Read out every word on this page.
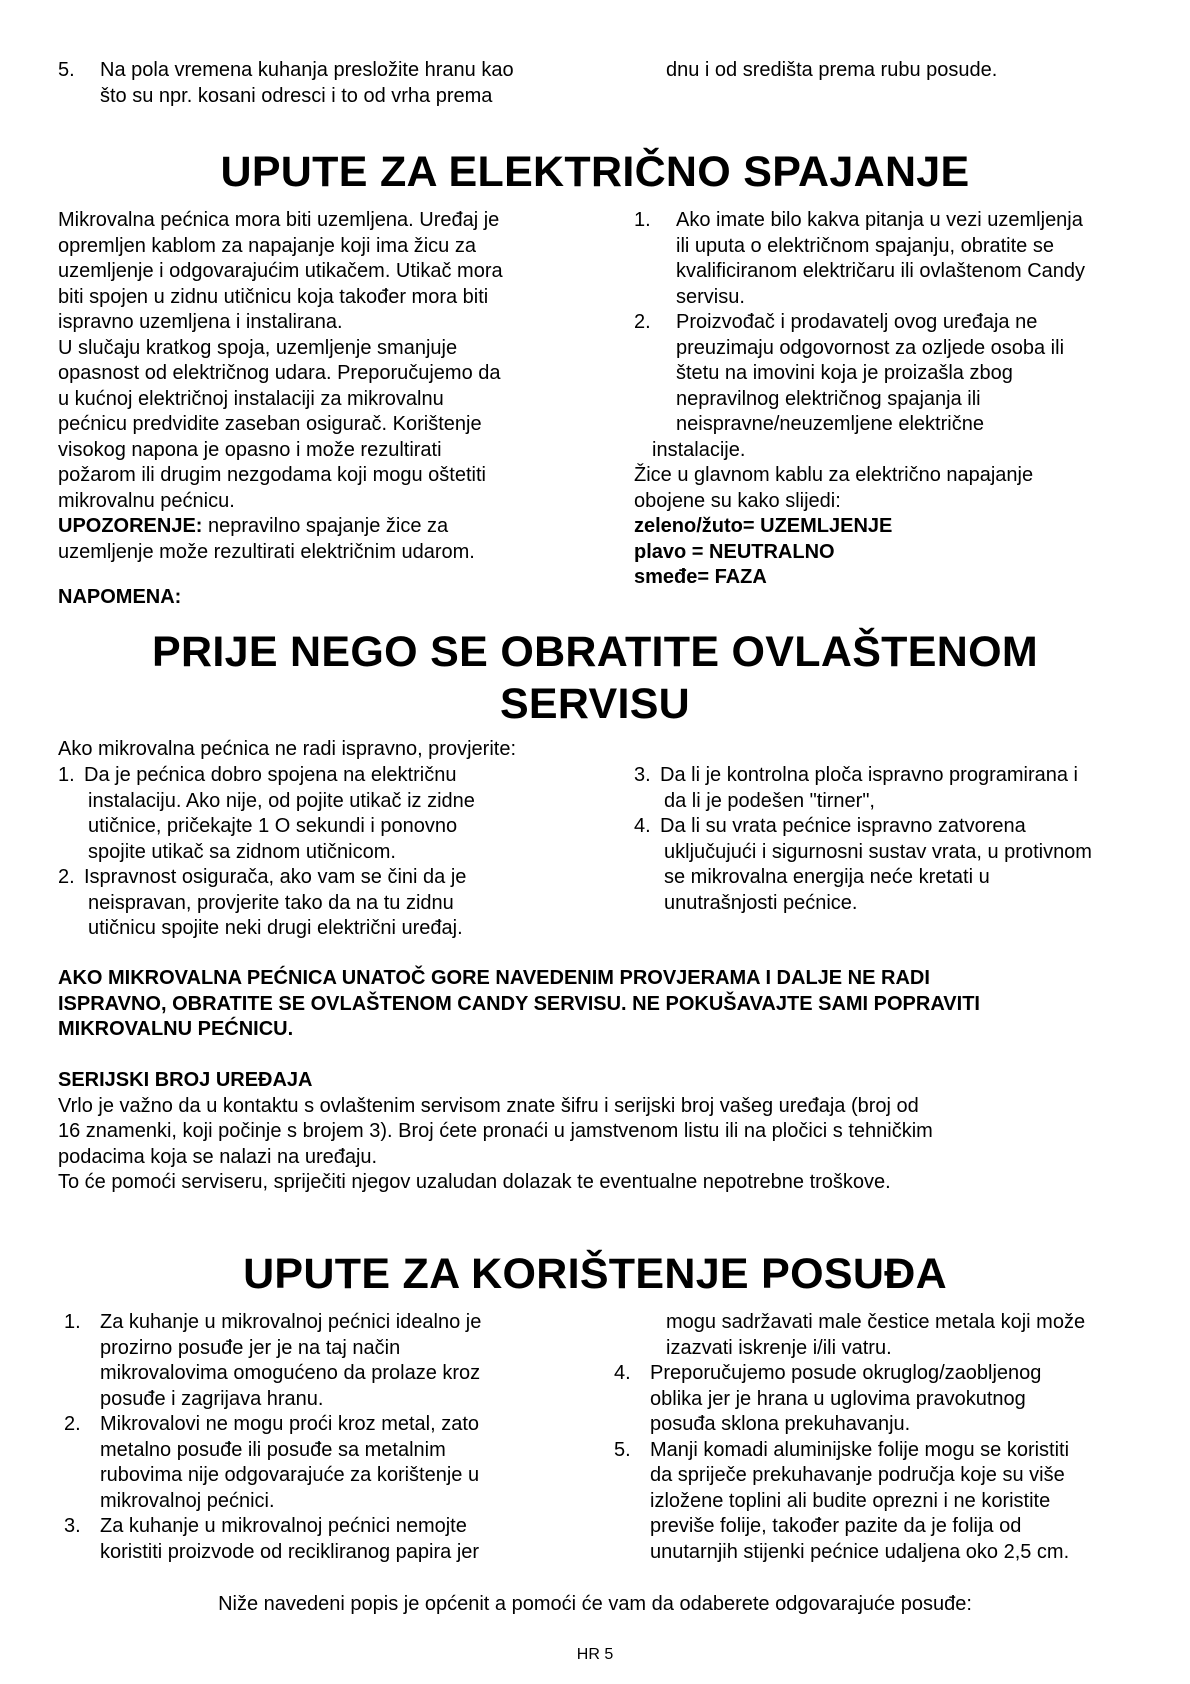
5. Na pola vremena kuhanja presložite hranu kao
što su npr. kosani odresci i to od vrha prema
dnu i od središta prema rubu posude.
UPUTE ZA ELEKTRIČNO SPAJANJE
Mikrovalna pećnica mora biti uzemljena. Uređaj je
opremljen kablom za napajanje koji ima žicu za
uzemljenje i odgovarajućim utikačem. Utikač mora
biti spojen u zidnu utičnicu koja također mora biti
ispravno uzemljena i instalirana.
U slučaju kratkog spoja, uzemljenje smanjuje
opasnost od električnog udara. Preporučujemo da
u kućnoj električnoj instalaciji za mikrovalnu
pećnicu predvidite zaseban osigurač. Korištenje
visokog napona je opasno i može rezultirati
požarom ili drugim nezgodama koji mogu oštetiti
mikrovalnu pećnicu.
UPOZORENJE: nepravilno spajanje žice za
uzemljenje može rezultirati električnim udarom.
NAPOMENA:
1. Ako imate bilo kakva pitanja u vezi uzemljenja
ili uputa o električnom spajanju, obratite se
kvalificiranom električaru ili ovlaštenom Candy
servisu.
2. Proizvođač i prodavatelj ovog uređaja ne
preuzimaju odgovornost za ozljede osoba ili
štetu na imovini koja je proizašla zbog
nepravilnog električnog spajanja ili
neispravne/neuzemljene električne
instalacije.
Žice u glavnom kablu za električno napajanje
obojene su kako slijedi:
zeleno/žuto= UZEMLJENJE
plavo = NEUTRALNO
smeđe= FAZA
PRIJE NEGO SE OBRATITE OVLAŠTENOM
SERVISU
Ako mikrovalna pećnica ne radi ispravno, provjerite:
1. Da je pećnica dobro spojena na električnu
instalaciju. Ako nije, od pojite utikač iz zidne
utičnice, pričekajte 1 O sekundi i ponovno
spojite utikač sa zidnom utičnicom.
2. Ispravnost osigurača, ako vam se čini da je
neispravan, provjerite tako da na tu zidnu
utičnicu spojite neki drugi električni uređaj.
3. Da li je kontrolna ploča ispravno programirana i
da li je podešen "tirner",
4. Da li su vrata pećnice ispravno zatvorena
uključujući i sigurnosni sustav vrata, u protivnom
se mikrovalna energija neće kretati u
unutrašnjosti pećnice.
AKO MIKROVALNA PEĆNICA UNATOČ GORE NAVEDENIM PROVJERAMA I DALJE NE RADI
ISPRAVNO, OBRATITE SE OVLAŠTENOM CANDY SERVISU. NE POKUŠAVAJTE SAMI POPRAVITI
MIKROVALNU PEĆNICU.
SERIJSKI BROJ UREĐAJA
Vrlo je važno da u kontaktu s ovlaštenim servisom znate šifru i serijski broj vašeg uređaja (broj od
16 znamenki, koji počinje s brojem 3). Broj ćete pronaći u jamstvenom listu ili na pločici s tehničkim
podacima koja se nalazi na uređaju.
To će pomoći serviseru, spriječiti njegov uzaludan dolazak te eventualne nepotrebne troškove.
UPUTE ZA KORIŠTENJE POSUĐA
1. Za kuhanje u mikrovalnoj pećnici idealno je
prozirno posuđe jer je na taj način
mikrovalovima omogućeno da prolaze kroz
posuđe i zagrijava hranu.
2. Mikrovalovi ne mogu proći kroz metal, zato
metalno posuđe ili posuđe sa metalnim
rubovima nije odgovarajuće za korištenje u
mikrovalnoj pećnici.
3. Za kuhanje u mikrovalnoj pećnici nemojte
koristiti proizvode od recikliranog papira jer
mogu sadržavati male čestice metala koji može
izazvati iskrenje i/ili vatru.
4. Preporučujemo posude okruglog/zaobljenog
oblika jer je hrana u uglovima pravokutnog
posuđa sklona prekuhavanju.
5. Manji komadi aluminijske folije mogu se koristiti
da spriječe prekuhavanje područja koje su više
izložene toplini ali budite oprezni i ne koristite
previše folije, također pazite da je folija od
unutarnjih stijenki pećnice udaljena oko 2,5 cm.
Niže navedeni popis je općenit a pomoći će vam da odaberete odgovarajuće posuđe:
HR 5
